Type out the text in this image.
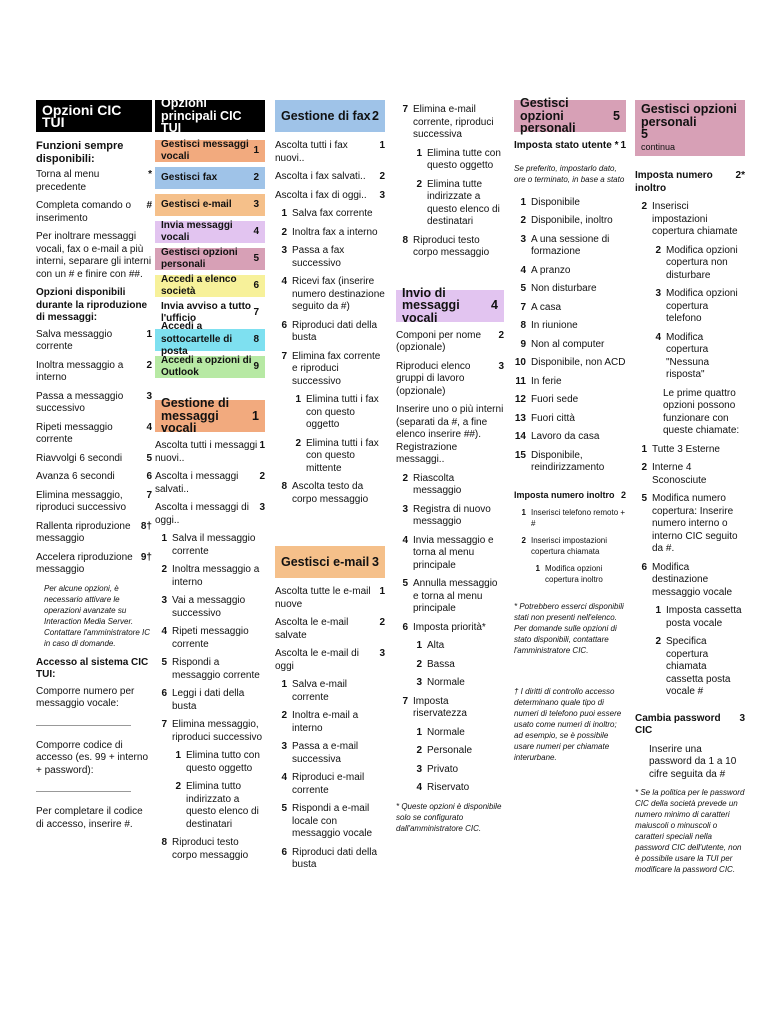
Opzioni CIC TUI
Funzioni sempre disponibili:
Torna al menu precedente
*
Completa comando o inserimento
#

Per inoltrare messaggi vocali, fax o e-mail a più interni, separare gli interni con un # e finire con ##.

Opzioni disponibili durante la riproduzione di messaggi:
Salva messaggio corrente
1
Inoltra messaggio a interno
2
Passa a messaggio successivo
3
Ripeti messaggio corrente
4
Riavvolgi 6 secondi 5
Avanza 6 secondi	6
Elimina messaggio, riproduci successivo
7
Rallenta riproduzione messaggio
8†
Accelera riproduzione messaggio
9†

Per alcune opzioni, è necessario attivare le operazioni avanzate su Interaction Media Server. Contattare l'amministratore IC in caso di domande.

Accesso al sistema CIC TUI:

Comporre numero per messaggio vocale:

Comporre codice di accesso (es. 99 + interno + password):

Per completare il codice di accesso, inserire #.

Opzioni principali CIC TUI
Gestisci messaggi vocali
1
Gestisci fax	2
Gestisci e-mail 3
Invia messaggi vocali
4
Gestisci opzioni personali
5
Accedi a elenco società
6
Invia avviso a tutto l'ufficio
7
Accedi a sottocartelle di posta
8
Accedi a opzioni di Outlook
9
Gestione di messaggi vocali
1
Ascolta tutti i messaggi nuovi..
1
Ascolta i messaggi salvati..
2
Ascolta i messaggi di oggi..
3
1 Salva il messaggio corrente
2 Inoltra messaggio a interno
3 Vai a messaggio successivo
4 Ripeti messaggio corrente
5 Rispondi a messaggio corrente
6 Leggi i dati della busta
7 Elimina messaggio, riproduci successivo
1 Elimina tutto con questo oggetto
2 Elimina tutto indirizzato a questo elenco di destinatari
8 Riproduci testo corpo messaggio
Gestione di fax 2
Ascolta tutti i fax nuovi..
1
Ascolta i fax salvati.. 2
Ascolta i fax di oggi.. 3
1 Salva fax corrente
2 Inoltra fax a interno
3 Passa a fax successivo
4 Ricevi fax (inserire numero destinazione seguito da #)
6 Riproduci dati della busta
7 Elimina fax corrente e riproduci successivo
1 Elimina tutti i fax con questo oggetto
2 Elimina tutti i fax con questo mittente
8 Ascolta testo da corpo messaggio
Gestisci e-mail 3
Ascolta tutte le e-mail nuove
1
Ascolta le e-mail salvate
2
Ascolta le e-mail di oggi
3
1 Salva e-mail corrente
2 Inoltra e-mail a interno
3 Passa a e-mail successiva
4 Riproduci e-mail corrente
5 Rispondi a e-mail locale con messaggio vocale
6 Riproduci dati della busta
7 Elimina e-mail corrente, riproduci successiva
1 Elimina tutte con questo oggetto
2 Elimina tutte indirizzate a questo elenco di destinatari
8 Riproduci testo corpo messaggio
Invio di messaggi vocali
4
Componi per nome (opzionale)
2
Riproduci elenco gruppi di lavoro (opzionale)
3

Inserire uno o più interni (separati da #, a fine elenco inserire ##). Registrazione messaggi..

2 Riascolta messaggio
3 Registra di nuovo messaggio
4 Invia messaggio e torna al menu principale
5 Annulla messaggio e torna al menu principale
6 Imposta priorità*
1 Alta
2 Bassa
3 Normale
7 Imposta riservatezza
1 Normale
2 Personale
3 Privato
4 Riservato

* Queste opzioni è disponibile solo se configurato dall'amministratore CIC.

Gestisci opzioni personali
5
Imposta stato utente * 1

Se preferito, impostarlo dato, ore o terminato, in base a stato

1 Disponibile
2 Disponibile, inoltro
3 A una sessione di formazione
4 A pranzo
5 Non disturbare
7 A casa
8 In riunione
9 Non al computer
10 Disponibile, non ACD
11 In ferie
12 Fuori sede
13 Fuori città
14 Lavoro da casa
15 Disponibile, reindirizzamento
Imposta numero inoltro 2
1 Inserisci telefono remoto + #
2 Inserisci impostazioni copertura chiamata
1 Modifica opzioni copertura inoltro

* Potrebbero esserci disponibili stati non presenti nell'elenco. Per domande sulle opzioni di stato disponibili, contattare l'amministratore CIC.

† I diritti di controllo accesso determinano quale tipo di numeri di telefono puoi essere usato come numeri di inoltro; ad esempio, se è possibile usare numeri per chiamate interurbane.

Gestisci opzioni personali
5
continua
Imposta numero inoltro
2*
2 Inserisci impostazioni copertura chiamate
2 Modifica opzioni copertura non disturbare
3 Modifica opzioni copertura telefono
4 Modifica copertura "Nessuna risposta"

Le prime quattro opzioni possono funzionare con queste chiamate:

1 Tutte 3 Esterne
2 Interne 4 Sconosciute
5 Modifica numero copertura: Inserire numero interno o interno CIC seguito da #.
6 Modifica destinazione messaggio vocale
1 Imposta cassetta posta vocale
2 Specifica copertura chiamata cassetta posta vocale #
Cambia password CIC
3

Inserire una password da 1 a 10 cifre seguita da #

* Se la politica per le password CIC della società prevede un numero minimo di caratteri maiuscoli o minuscoli o caratteri speciali nella password CIC dell'utente, non è possibile usare la TUI per modificare la password CIC.
